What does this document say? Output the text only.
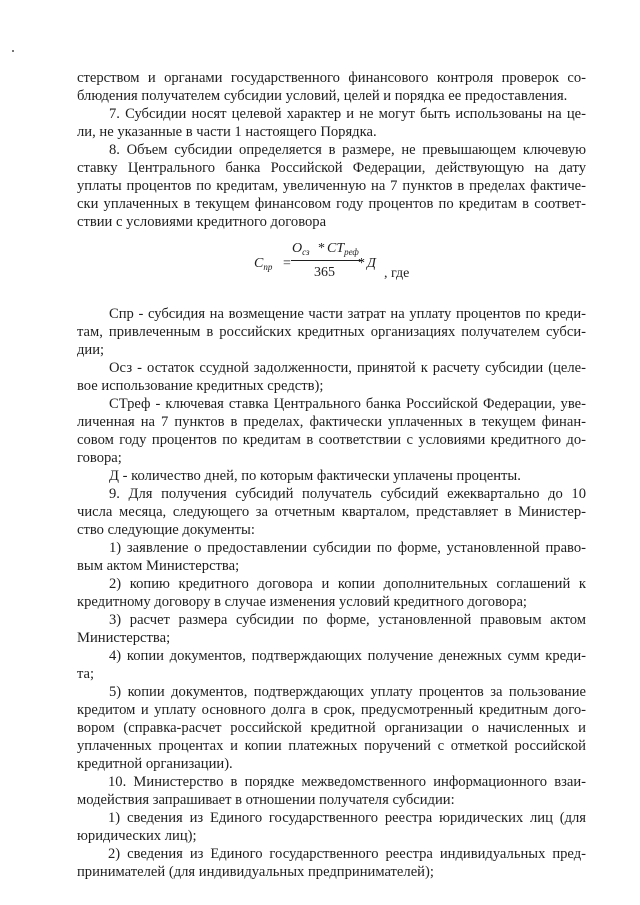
стерством и органами государственного финансового контроля проверок со-
блюдения получателем субсидии условий, целей и порядка ее предоставления.
7. Субсидии носят целевой характер и не могут быть использованы на це-
ли, не указанные в части 1 настоящего Порядка.
8. Объем субсидии определяется в размере, не превышающем ключевую
ставку Центрального банка Российской Федерации, действующую на дату
уплаты процентов по кредитам, увеличенную на 7 пунктов в пределах фактиче-
ски уплаченных в текущем финансовом году процентов по кредитам в соответ-
ствии с условиями кредитного договора
$C_{пр}$ =
$O_{сз} * CT_{реф}$
365
* Д
, где
Спр - субсидия на возмещение части затрат на уплату процентов по креди-
там, привлеченным в российских кредитных организациях получателем субси-
дии;
Осз - остаток ссудной задолженности, принятой к расчету субсидии (целе-
вое использование кредитных средств);
СТреф - ключевая ставка Центрального банка Российской Федерации, уве-
личенная на 7 пунктов в пределах, фактически уплаченных в текущем финан-
совом году процентов по кредитам в соответствии с условиями кредитного до-
говора;
Д - количество дней, по которым фактически уплачены проценты.
9. Для получения субсидий получатель субсидий ежеквартально до 10
числа месяца, следующего за отчетным кварталом, представляет в Министер-
ство следующие документы:
1) заявление о предоставлении субсидии по форме, установленной право-
вым актом Министерства;
2) копию кредитного договора и копии дополнительных соглашений к
кредитному договору в случае изменения условий кредитного договора;
3) расчет размера субсидии по форме, установленной правовым актом
Министерства;
4) копии документов, подтверждающих получение денежных сумм креди-
та;
5) копии документов, подтверждающих уплату процентов за пользование
кредитом и уплату основного долга в срок, предусмотренный кредитным дого-
вором (справка-расчет российской кредитной организации о начисленных и
уплаченных процентах и копии платежных поручений с отметкой российской
кредитной организации).
10. Министерство в порядке межведомственного информационного взаи-
модействия запрашивает в отношении получателя субсидии:
1) сведения из Единого государственного реестра юридических лиц (для
юридических лиц);
2) сведения из Единого государственного реестра индивидуальных пред-
принимателей (для индивидуальных предпринимателей);
